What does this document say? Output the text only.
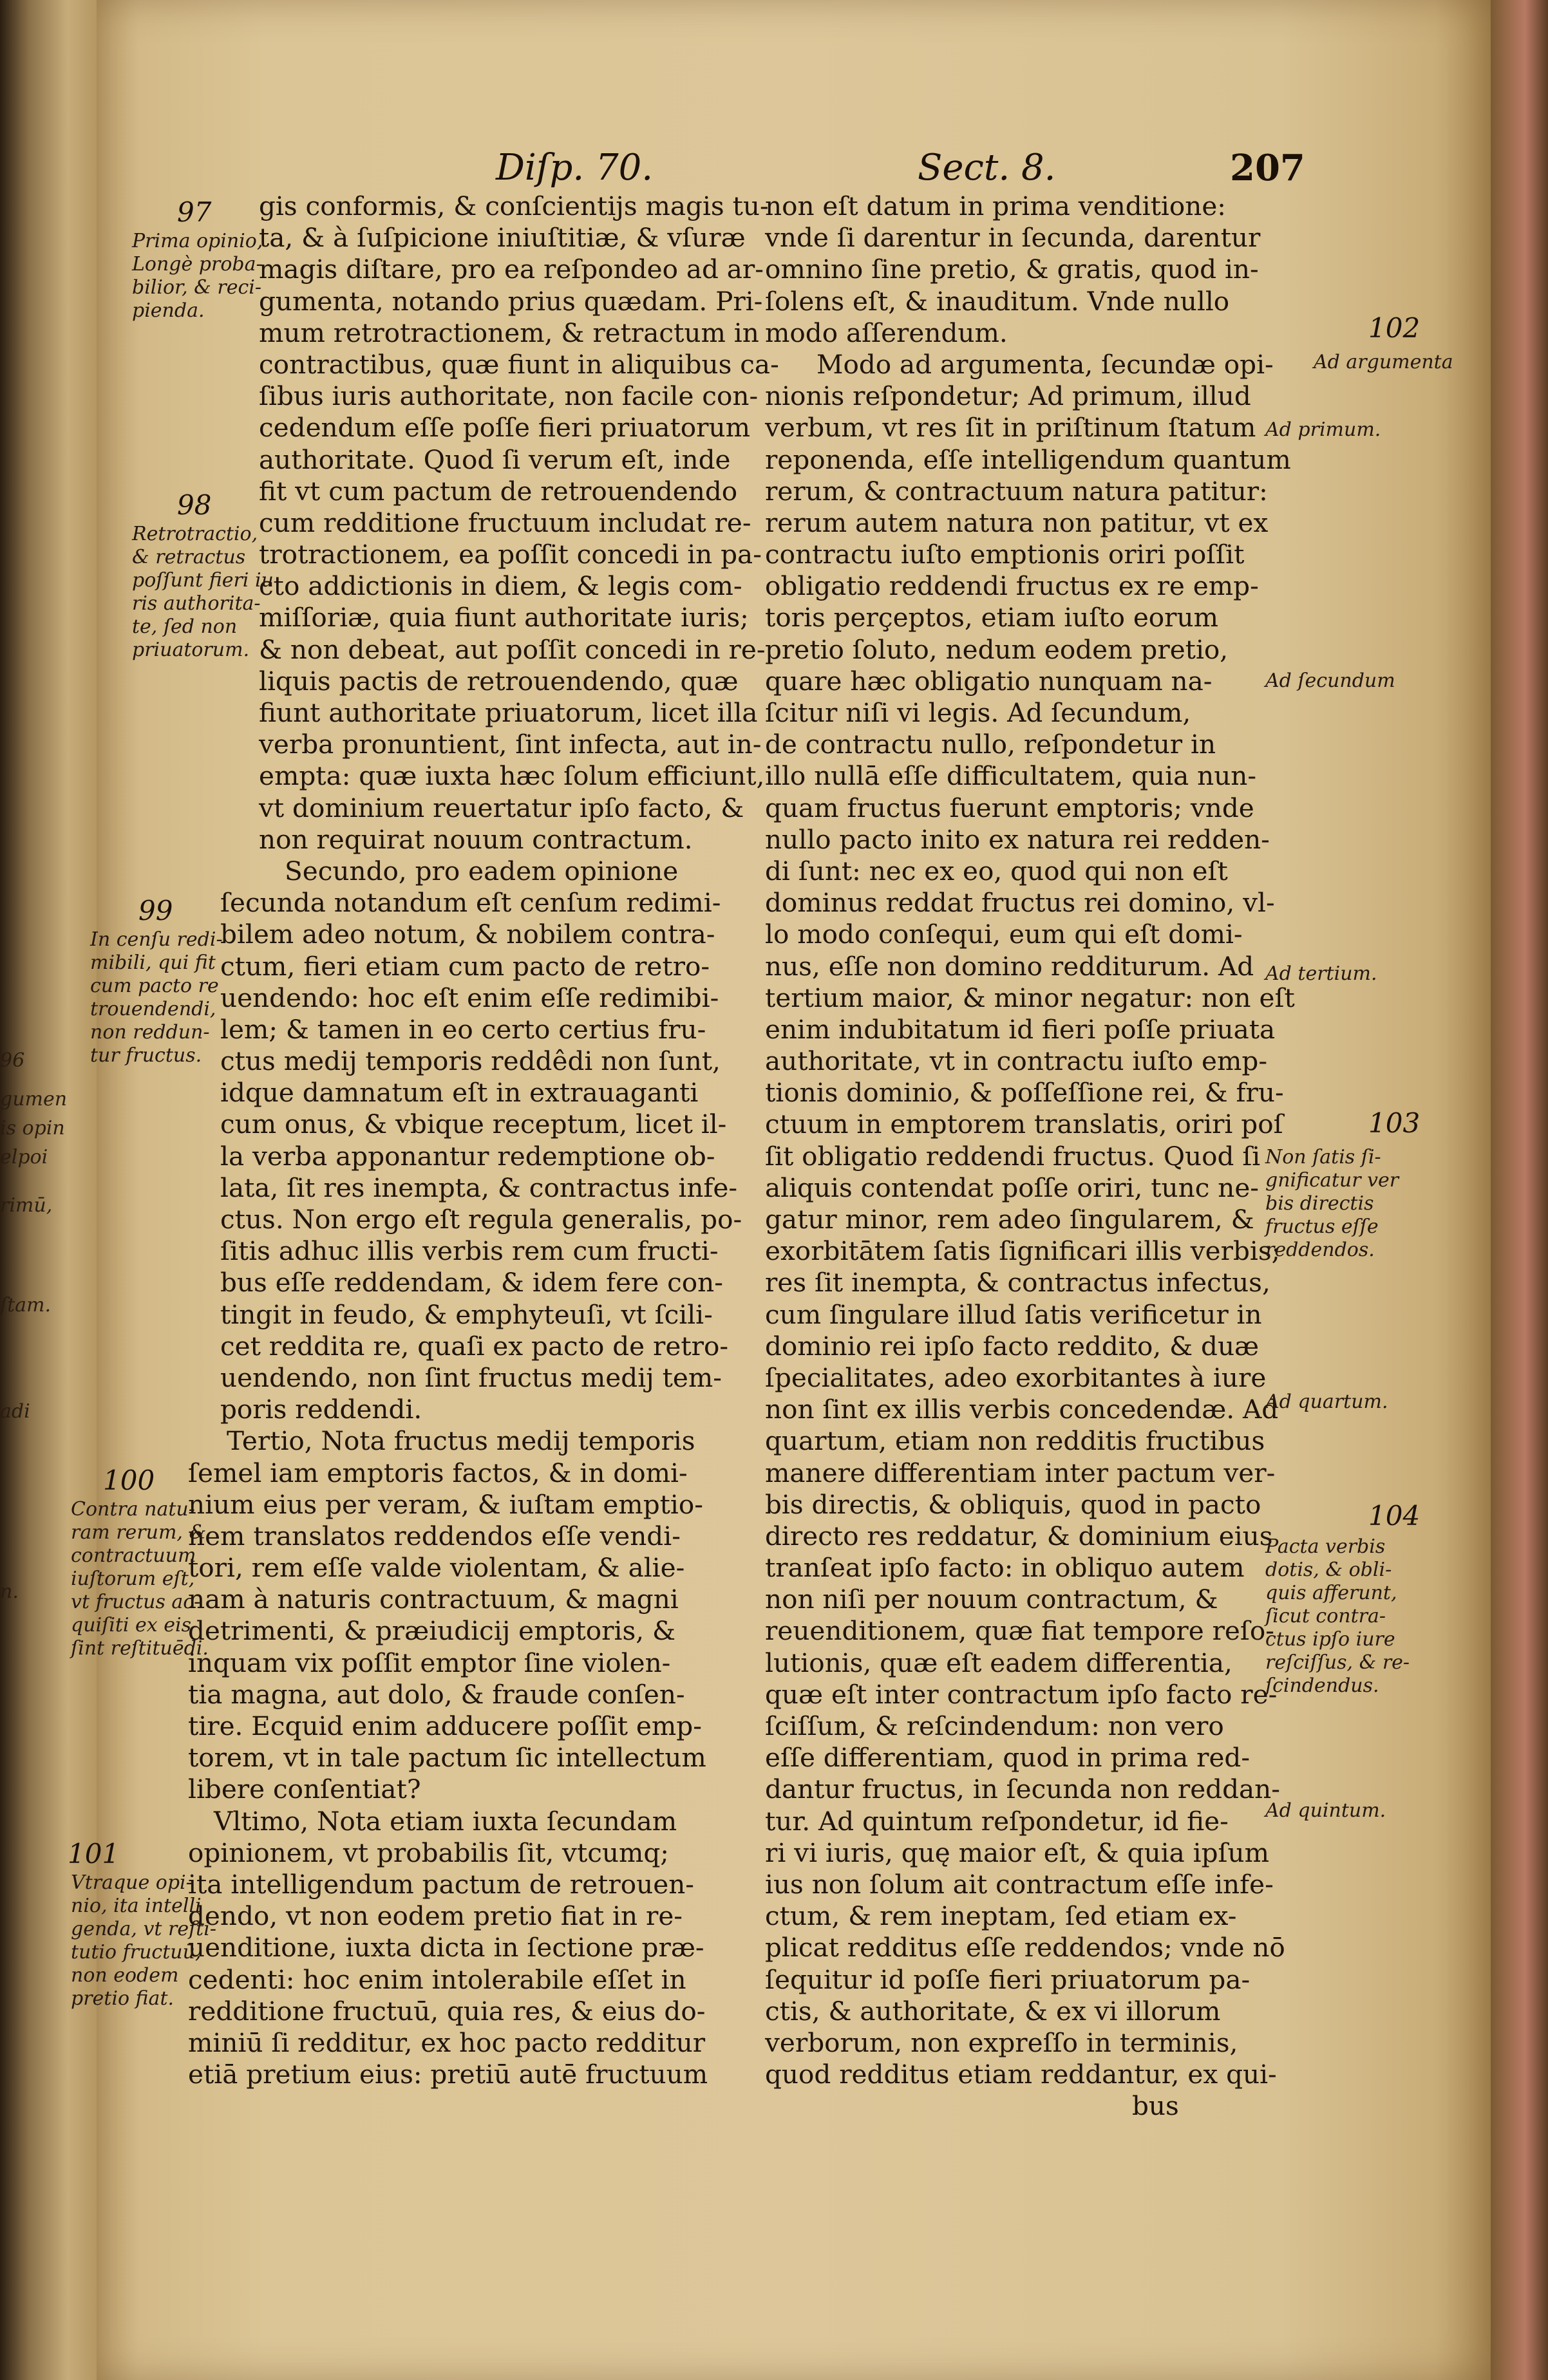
96
gumen
is opin
elpoi
rimū,
ſtam.
adi
n.
Diſp. 70.	Sect. 8.	207
gis conformis, & conſcientijs magis tu-
ta, & à ſuſpicione iniuſtitiæ, & vſuræ
magis diſtare, pro ea reſpondeo ad ar-
gumenta, notando prius quædam. Pri-
mum retrotractionem, & retractum in
contractibus, quæ fiunt in aliquibus ca-
ſibus iuris authoritate, non facile con-
cedendum eſſe poſſe fieri priuatorum
authoritate. Quod ſi verum eſt, inde
fit vt cum pactum de retrouendendo
cum redditione fructuum includat re-
trotractionem, ea poſſit concedi in pa-
cto addictionis in diem, & legis com-
miſſoriæ, quia fiunt authoritate iuris;
& non debeat, aut poſſit concedi in re-
liquis pactis de retrouendendo, quæ
fiunt authoritate priuatorum, licet illa
verba pronuntient, ſint infecta, aut in-
empta: quæ iuxta hæc ſolum efficiunt,
vt dominium reuertatur ipſo facto, &
non requirat nouum contractum.
Secundo, pro eadem opinione
ſecunda notandum eſt cenſum redimi-
bilem adeo notum, & nobilem contra-
ctum, fieri etiam cum pacto de retro-
uendendo: hoc eſt enim eſſe redimibi-
lem; & tamen in eo certo certius fru-
ctus medij temporis reddêdi non ſunt,
idque damnatum eſt in extrauaganti
cum onus, & vbique receptum, licet il-
la verba apponantur redemptione ob-
lata, ſit res inempta, & contractus infe-
ctus. Non ergo eſt regula generalis, po-
ſitis adhuc illis verbis rem cum fructi-
bus eſſe reddendam, & idem fere con-
tingit in feudo, & emphyteuſi, vt ſcili-
cet reddita re, quaſi ex pacto de retro-
uendendo, non ſint fructus medij tem-
poris reddendi.
Tertio, Nota fructus medij temporis
ſemel iam emptoris factos, & in domi-
nium eius per veram, & iuſtam emptio-
nem translatos reddendos eſſe vendi-
tori, rem eſſe valde violentam, & alie-
nam à naturis contractuum, & magni
detrimenti, & præiudicij emptoris, &
inquam vix poſſit emptor ſine violen-
tia magna, aut dolo, & fraude conſen-
tire. Ecquid enim adducere poſſit emp-
torem, vt in tale pactum ſic intellectum
libere conſentiat?
Vltimo, Nota etiam iuxta ſecundam
opinionem, vt probabilis ſit, vtcumq;
ita intelligendum pactum de retrouen-
dendo, vt non eodem pretio fiat in re-
uenditione, iuxta dicta in ſectione præ-
cedenti: hoc enim intolerabile eſſet in
redditione fructuū, quia res, & eius do-
miniū ſi redditur, ex hoc pacto redditur
etiā pretium eius: pretiū autē fructuum
non eſt datum in prima venditione:
vnde ſi darentur in ſecunda, darentur
omnino ſine pretio, & gratis, quod in-
ſolens eſt, & inauditum. Vnde nullo
modo aſſerendum.
Modo ad argumenta, ſecundæ opi-
nionis reſpondetur; Ad primum, illud
verbum, vt res ſit in priſtinum ſtatum
reponenda, eſſe intelligendum quantum
rerum, & contractuum natura patitur:
rerum autem natura non patitur, vt ex
contractu iuſto emptionis oriri poſſit
obligatio reddendi fructus ex re emp-
toris perçeptos, etiam iuſto eorum
pretio ſoluto, nedum eodem pretio,
quare hæc obligatio nunquam na-
ſcitur niſi vi legis. Ad ſecundum,
de contractu nullo, reſpondetur in
illo nullā eſſe difficultatem, quia nun-
quam fructus fuerunt emptoris; vnde
nullo pacto inito ex natura rei redden-
di ſunt: nec ex eo, quod qui non eſt
dominus reddat fructus rei domino, vl-
lo modo conſequi, eum qui eſt domi-
nus, eſſe non domino redditurum. Ad
tertium maior, & minor negatur: non eſt
enim indubitatum id fieri poſſe priuata
authoritate, vt in contractu iuſto emp-
tionis dominio, & poſſeſſione rei, & fru-
ctuum in emptorem translatis, oriri poſ
ſit obligatio reddendi fructus. Quod ſi
aliquis contendat poſſe oriri, tunc ne-
gatur minor, rem adeo ſingularem, &
exorbitātem ſatis ſignificari illis verbis;
res ſit inempta, & contractus infectus,
cum ſingulare illud ſatis verificetur in
dominio rei ipſo facto reddito, & duæ
ſpecialitates, adeo exorbitantes à iure
non ſint ex illis verbis concedendæ. Ad
quartum, etiam non redditis fructibus
manere differentiam inter pactum ver-
bis directis, & obliquis, quod in pacto
directo res reddatur, & dominium eius
tranſeat ipſo facto: in obliquo autem
non niſi per nouum contractum, &
reuenditionem, quæ fiat tempore reſo-
lutionis, quæ eſt eadem differentia,
quæ eſt inter contractum ipſo facto re-
ſciſſum, & reſcindendum: non vero
eſſe differentiam, quod in prima red-
dantur fructus, in ſecunda non reddan-
tur. Ad quintum reſpondetur, id fie-
ri vi iuris, quę maior eſt, & quia ipſum
ius non ſolum ait contractum eſſe infe-
ctum, & rem ineptam, ſed etiam ex-
plicat redditus eſſe reddendos; vnde nō
ſequitur id poſſe fieri priuatorum pa-
ctis, & authoritate, & ex vi illorum
verborum, non expreſſo in terminis,
quod redditus etiam reddantur, ex qui-
bus
97
Prima opinio,
Longè proba-
bilior, & reci-
pienda.
98
Retrotractio,
& retractus
poſſunt fieri iu
ris authorita-
te, ſed non
priuatorum.
99
In cenſu redi-
mibili, qui fit
cum pacto re
trouendendi,
non reddun-
tur fructus.
100
Contra natu-
ram rerum, &
contractuum
iuſtorum eſt,
vt fructus ac-
quiſiti ex eis
ſint reſtituēdi.
101
Vtraque opi-
nio, ita intelli
genda, vt reſti-
tutio fructuū,
non eodem
pretio fiat.
102
Ad argumenta
Ad primum.
Ad ſecundum
Ad tertium.
103
Non ſatis ſi-
gnificatur ver
bis directis
fructus eſſe
reddendos.
Ad quartum.
104
Pacta verbis
dotis, & obli-
quis afferunt,
ſicut contra-
ctus ipſo iure
reſciſſus, & re-
ſcindendus.
Ad quintum.
